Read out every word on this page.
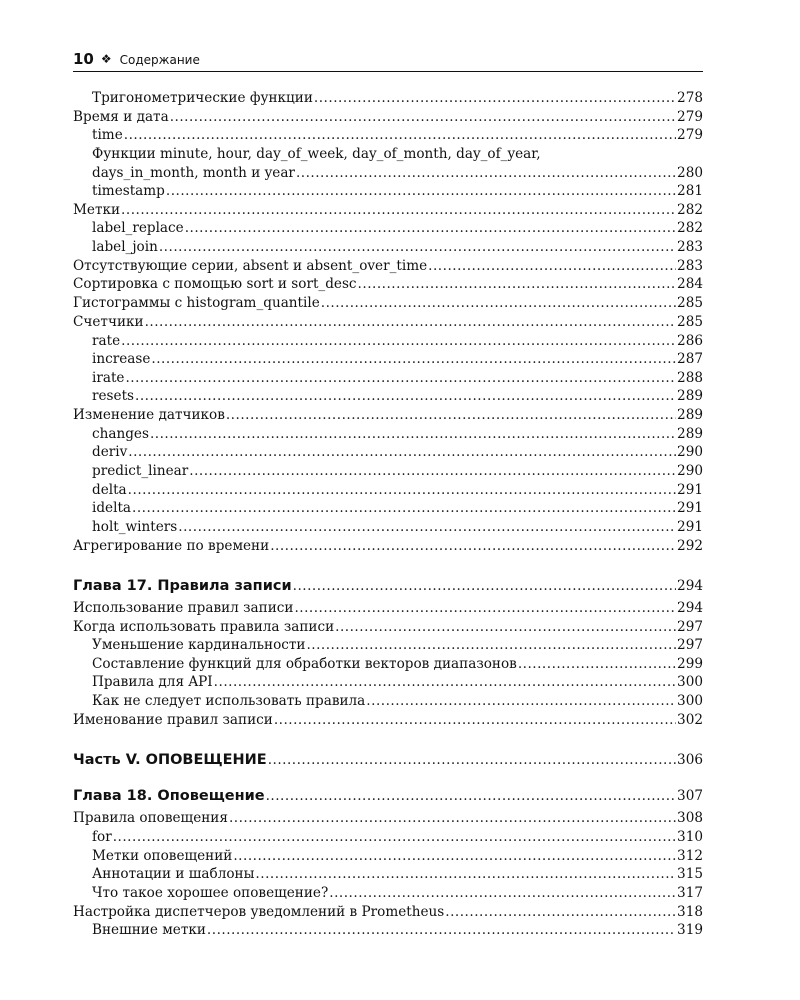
10 ❖ Содержание
Тригонометрические функции .....	278
Время и дата .....	279
time .....	279
Функции minute, hour, day_of_week, day_of_month, day_of_year,
days_in_month, month и year .....	280
timestamp .....	281
Метки .....	282
label_replace .....	282
label_join .....	283
Отсутствующие серии, absent и absent_over_time .....	283
Сортировка с помощью sort и sort_desc .....	284
Гистограммы с histogram_quantile .....	285
Счетчики .....	285
rate .....	286
increase .....	287
irate .....	288
resets .....	289
Изменение датчиков .....	289
changes .....	289
deriv .....	290
predict_linear .....	290
delta .....	291
idelta .....	291
holt_winters .....	291
Агрегирование по времени .....	292
Глава 17. Правила записи .....	294
Использование правил записи .....	294
Когда использовать правила записи .....	297
Уменьшение кардинальности .....	297
Составление функций для обработки векторов диапазонов .....	299
Правила для API .....	300
Как не следует использовать правила .....	300
Именование правил записи .....	302
Часть V. ОПОВЕЩЕНИЕ .....	306
Глава 18. Оповещение .....	307
Правила оповещения .....	308
for .....	310
Метки оповещений .....	312
Аннотации и шаблоны .....	315
Что такое хорошее оповещение? .....	317
Настройка диспетчеров уведомлений в Prometheus .....	318
Внешние метки .....	319
